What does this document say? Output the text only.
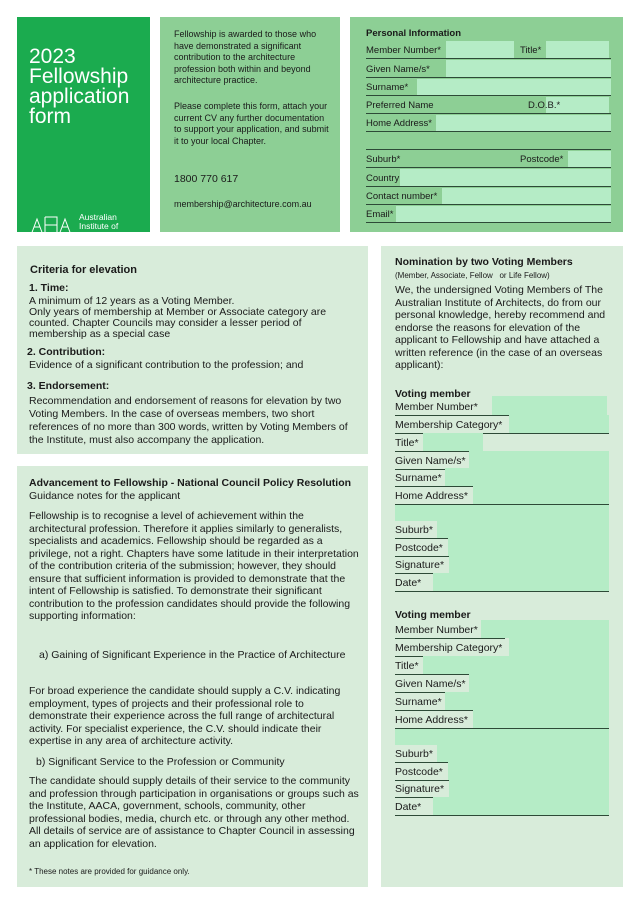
2023
Fellowship
application
form
Australian
Institute of
Architects

Fellowship is awarded to those who have demonstrated a significant contribution to the architecture profession both within and beyond architecture practice.

Please complete this form, attach your current CV any further documentation to support your application, and submit it to your local Chapter.

1800 770 617

membership@architecture.com.au

Personal Information
Member Number*	Title*
Given Name/s*
Surname*
Preferred Name	D.O.B.*
Home Address*
Suburb*	Postcode*
Country
Contact number*
Email*
Criteria for elevation
1. Time:
A minimum of 12 years as a Voting Member.
Only years of membership at Member or Associate category are counted. Chapter Councils may consider a lesser period of membership as a special case
2. Contribution:
Evidence of a significant contribution to the profession; and
3. Endorsement:
Recommendation and endorsement of reasons for elevation by two Voting Members. In the case of overseas members, two short references of no more than 300 words, written by Voting Members of the Institute, must also accompany the application.
Advancement to Fellowship - National Council Policy Resolution
Guidance notes for the applicant
Fellowship is to recognise a level of achievement within the architectural profession. Therefore it applies similarly to generalists, specialists and academics. Fellowship should be regarded as a privilege, not a right. Chapters have some latitude in their interpretation of the contribution criteria of the submission; however, they should ensure that sufficient information is provided to demonstrate that the intent of Fellowship is satisfied. To demonstrate their significant contribution to the profession candidates should provide the following supporting information:
a) Gaining of Significant Experience in the Practice of Architecture
For broad experience the candidate should supply a C.V. indicating employment, types of projects and their professional role to demonstrate their experience across the full range of architectural activity. For specialist experience, the C.V. should indicate their expertise in any area of architecture activity.
b) Significant Service to the Profession or Community
The candidate should supply details of their service to the community and profession through participation in organisations or groups such as the Institute, AACA, government, schools, community, other professional bodies, media, church etc. or through any other method. All details of service are of assistance to Chapter Council in assessing an application for elevation.
* These notes are provided for guidance only.
Nomination by two Voting Members
(Member, Associate, Fellow   or Life Fellow)
We, the undersigned Voting Members of The Australian Institute of Architects, do from our personal knowledge, hereby recommend and endorse the reasons for elevation of the applicant to Fellowship and have attached a written reference (in the case of an overseas applicant):
Voting member
Member Number*
Membership Category*
Title*
Given Name/s*
Surname*
Home Address*
Suburb*
Postcode*
Signature*
Date*
Voting member
Member Number*
Membership Category*
Title*
Given Name/s*
Surname*
Home Address*
Suburb*
Postcode*
Signature*
Date*
